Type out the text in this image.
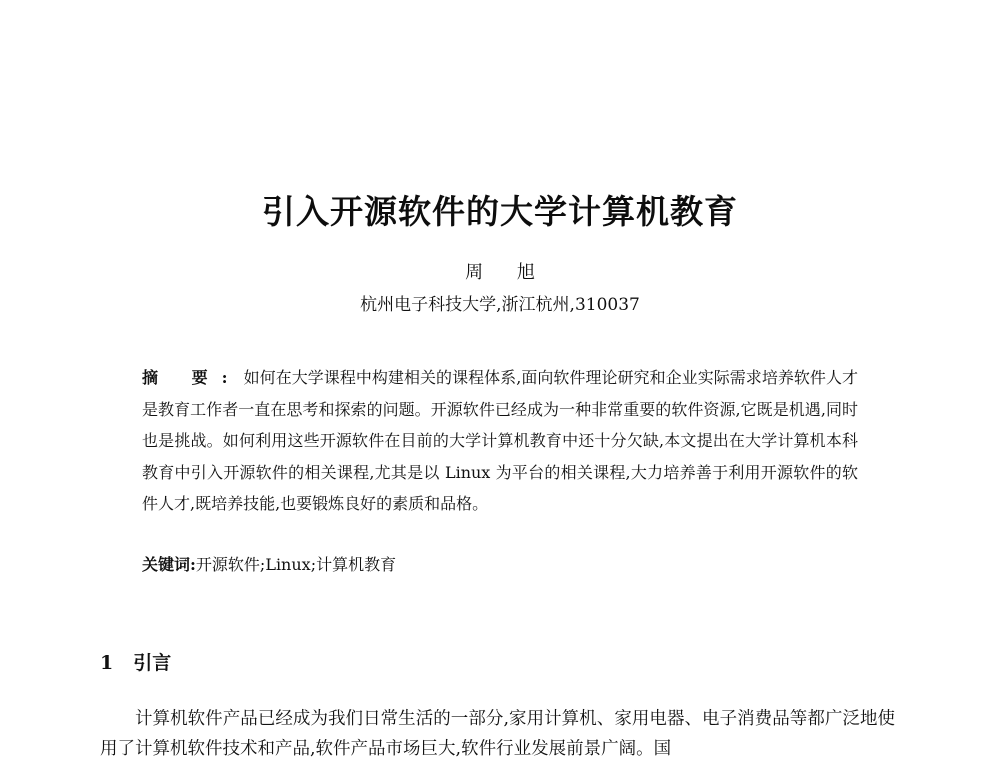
引入开源软件的大学计算机教育
周 旭
杭州电子科技大学,浙江杭州,310037
摘 要: 如何在大学课程中构建相关的课程体系,面向软件理论研究和企业实际需求培养软件人才是教育工作者一直在思考和探索的问题。开源软件已经成为一种非常重要的软件资源,它既是机遇,同时也是挑战。如何利用这些开源软件在目前的大学计算机教育中还十分欠缺,本文提出在大学计算机本科教育中引入开源软件的相关课程,尤其是以 Linux 为平台的相关课程,大力培养善于利用开源软件的软件人才,既培养技能,也要锻炼良好的素质和品格。
关键词:开源软件;Linux;计算机教育
1 引言
计算机软件产品已经成为我们日常生活的一部分,家用计算机、家用电器、电子消费品等都广泛地使用了计算机软件技术和产品,软件产品市场巨大,软件行业发展前景广阔。国
